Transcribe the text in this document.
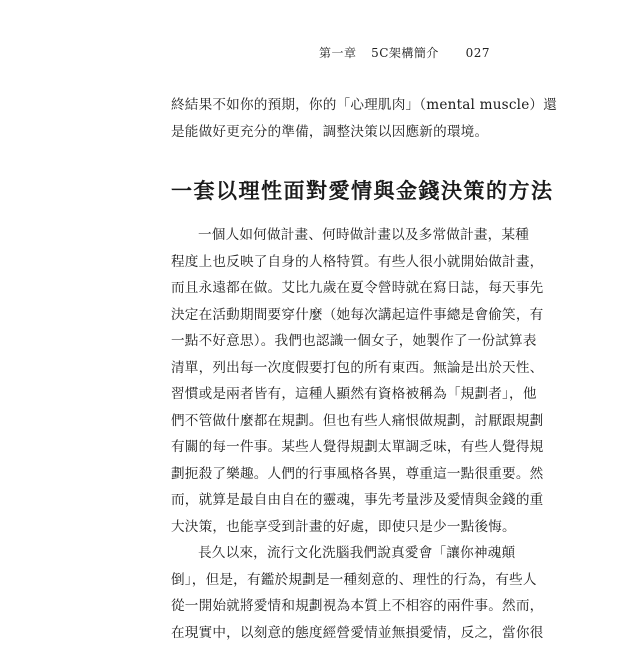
第一章 5C架構簡介 027
終結果不如你的預期，你的「心理肌肉」（mental muscle）還
是能做好更充分的準備，調整決策以因應新的環境。
一套以理性面對愛情與金錢決策的方法
一個人如何做計畫、何時做計畫以及多常做計畫，某種
程度上也反映了自身的人格特質。有些人很小就開始做計畫，
而且永遠都在做。艾比九歲在夏令營時就在寫日誌，每天事先
決定在活動期間要穿什麼（她每次講起這件事總是會偷笑，有
一點不好意思）。我們也認識一個女子，她製作了一份試算表
清單，列出每一次度假要打包的所有東西。無論是出於天性、
習慣或是兩者皆有，這種人顯然有資格被稱為「規劃者」，他
們不管做什麼都在規劃。但也有些人痛恨做規劃，討厭跟規劃
有關的每一件事。某些人覺得規劃太單調乏味，有些人覺得規
劃扼殺了樂趣。人們的行事風格各異，尊重這一點很重要。然
而，就算是最自由自在的靈魂，事先考量涉及愛情與金錢的重
大決策，也能享受到計畫的好處，即使只是少一點後悔。
長久以來，流行文化洗腦我們說真愛會「讓你神魂顛
倒」，但是，有鑑於規劃是一種刻意的、理性的行為，有些人
從一開始就將愛情和規劃視為本質上不相容的兩件事。然而，
在現實中，以刻意的態度經營愛情並無損愛情，反之，當你很
